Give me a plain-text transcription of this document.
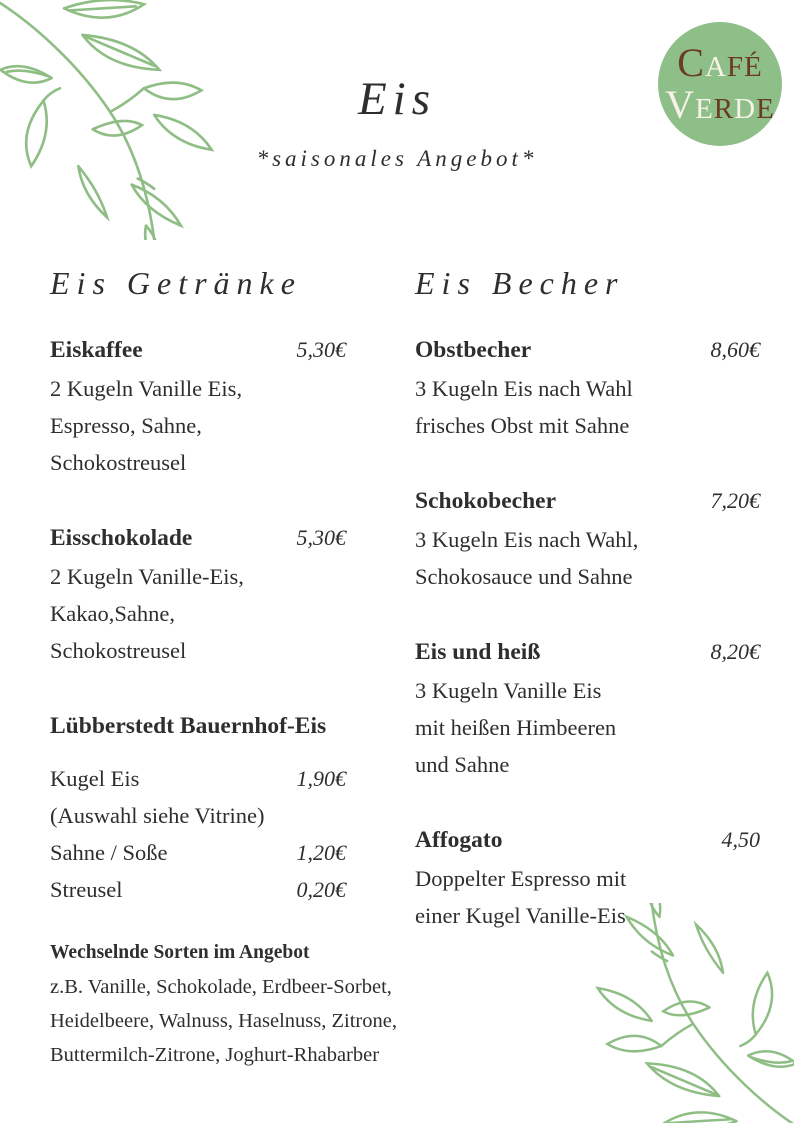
C A F É
V E R D E
Eis
*saisonales Angebot*
Eis Getränke
Eiskaffee	5,30€
2 Kugeln Vanille Eis,
Espresso, Sahne,
Schokostreusel
Eisschokolade	5,30€
2 Kugeln Vanille-Eis,
Kakao,Sahne,
Schokostreusel
Lübberstedt Bauernhof-Eis
Kugel Eis	1,90€
(Auswahl siehe Vitrine)
Sahne / Soße	1,20€
Streusel	0,20€
Wechselnde Sorten im Angebot
z.B. Vanille, Schokolade, Erdbeer-Sorbet,
Heidelbeere, Walnuss, Haselnuss, Zitrone,
Buttermilch-Zitrone, Joghurt-Rhabarber
Eis Becher
Obstbecher	8,60€
3 Kugeln Eis nach Wahl
frisches Obst mit Sahne
Schokobecher	7,20€
3 Kugeln Eis nach Wahl,
Schokosauce und Sahne
Eis und heiß	8,20€
3 Kugeln Vanille Eis
mit heißen Himbeeren
und Sahne
Affogato	4,50
Doppelter Espresso mit
einer Kugel Vanille-Eis
